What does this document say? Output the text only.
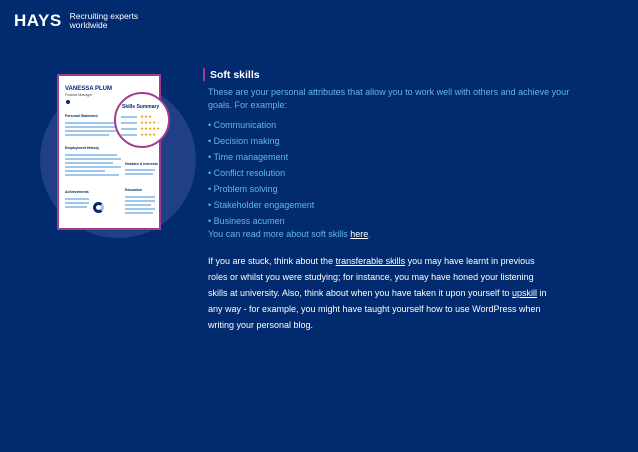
HAYS Recruiting experts
worldwide
VANESSA PLUM
Finance Manager
Personal Statement
Employment History
Hobbies & Interests
Achievements	Education
Skills Summary
★★★
★★★★☆
★★★★★
★★★★
Soft skills
These are your personal attributes that allow you to work well with others and achieve your goals. For example:
• Communication
• Decision making
• Time management
• Conflict resolution
• Problem solving
• Stakeholder engagement
• Business acumen
You can read more about soft skills here.
If you are stuck, think about the transferable skills you may have learnt in previous roles or whilst you were studying; for instance, you may have honed your listening skills at university. Also, think about when you have taken it upon yourself to upskill in any way - for example, you might have taught yourself how to use WordPress when writing your personal blog.
